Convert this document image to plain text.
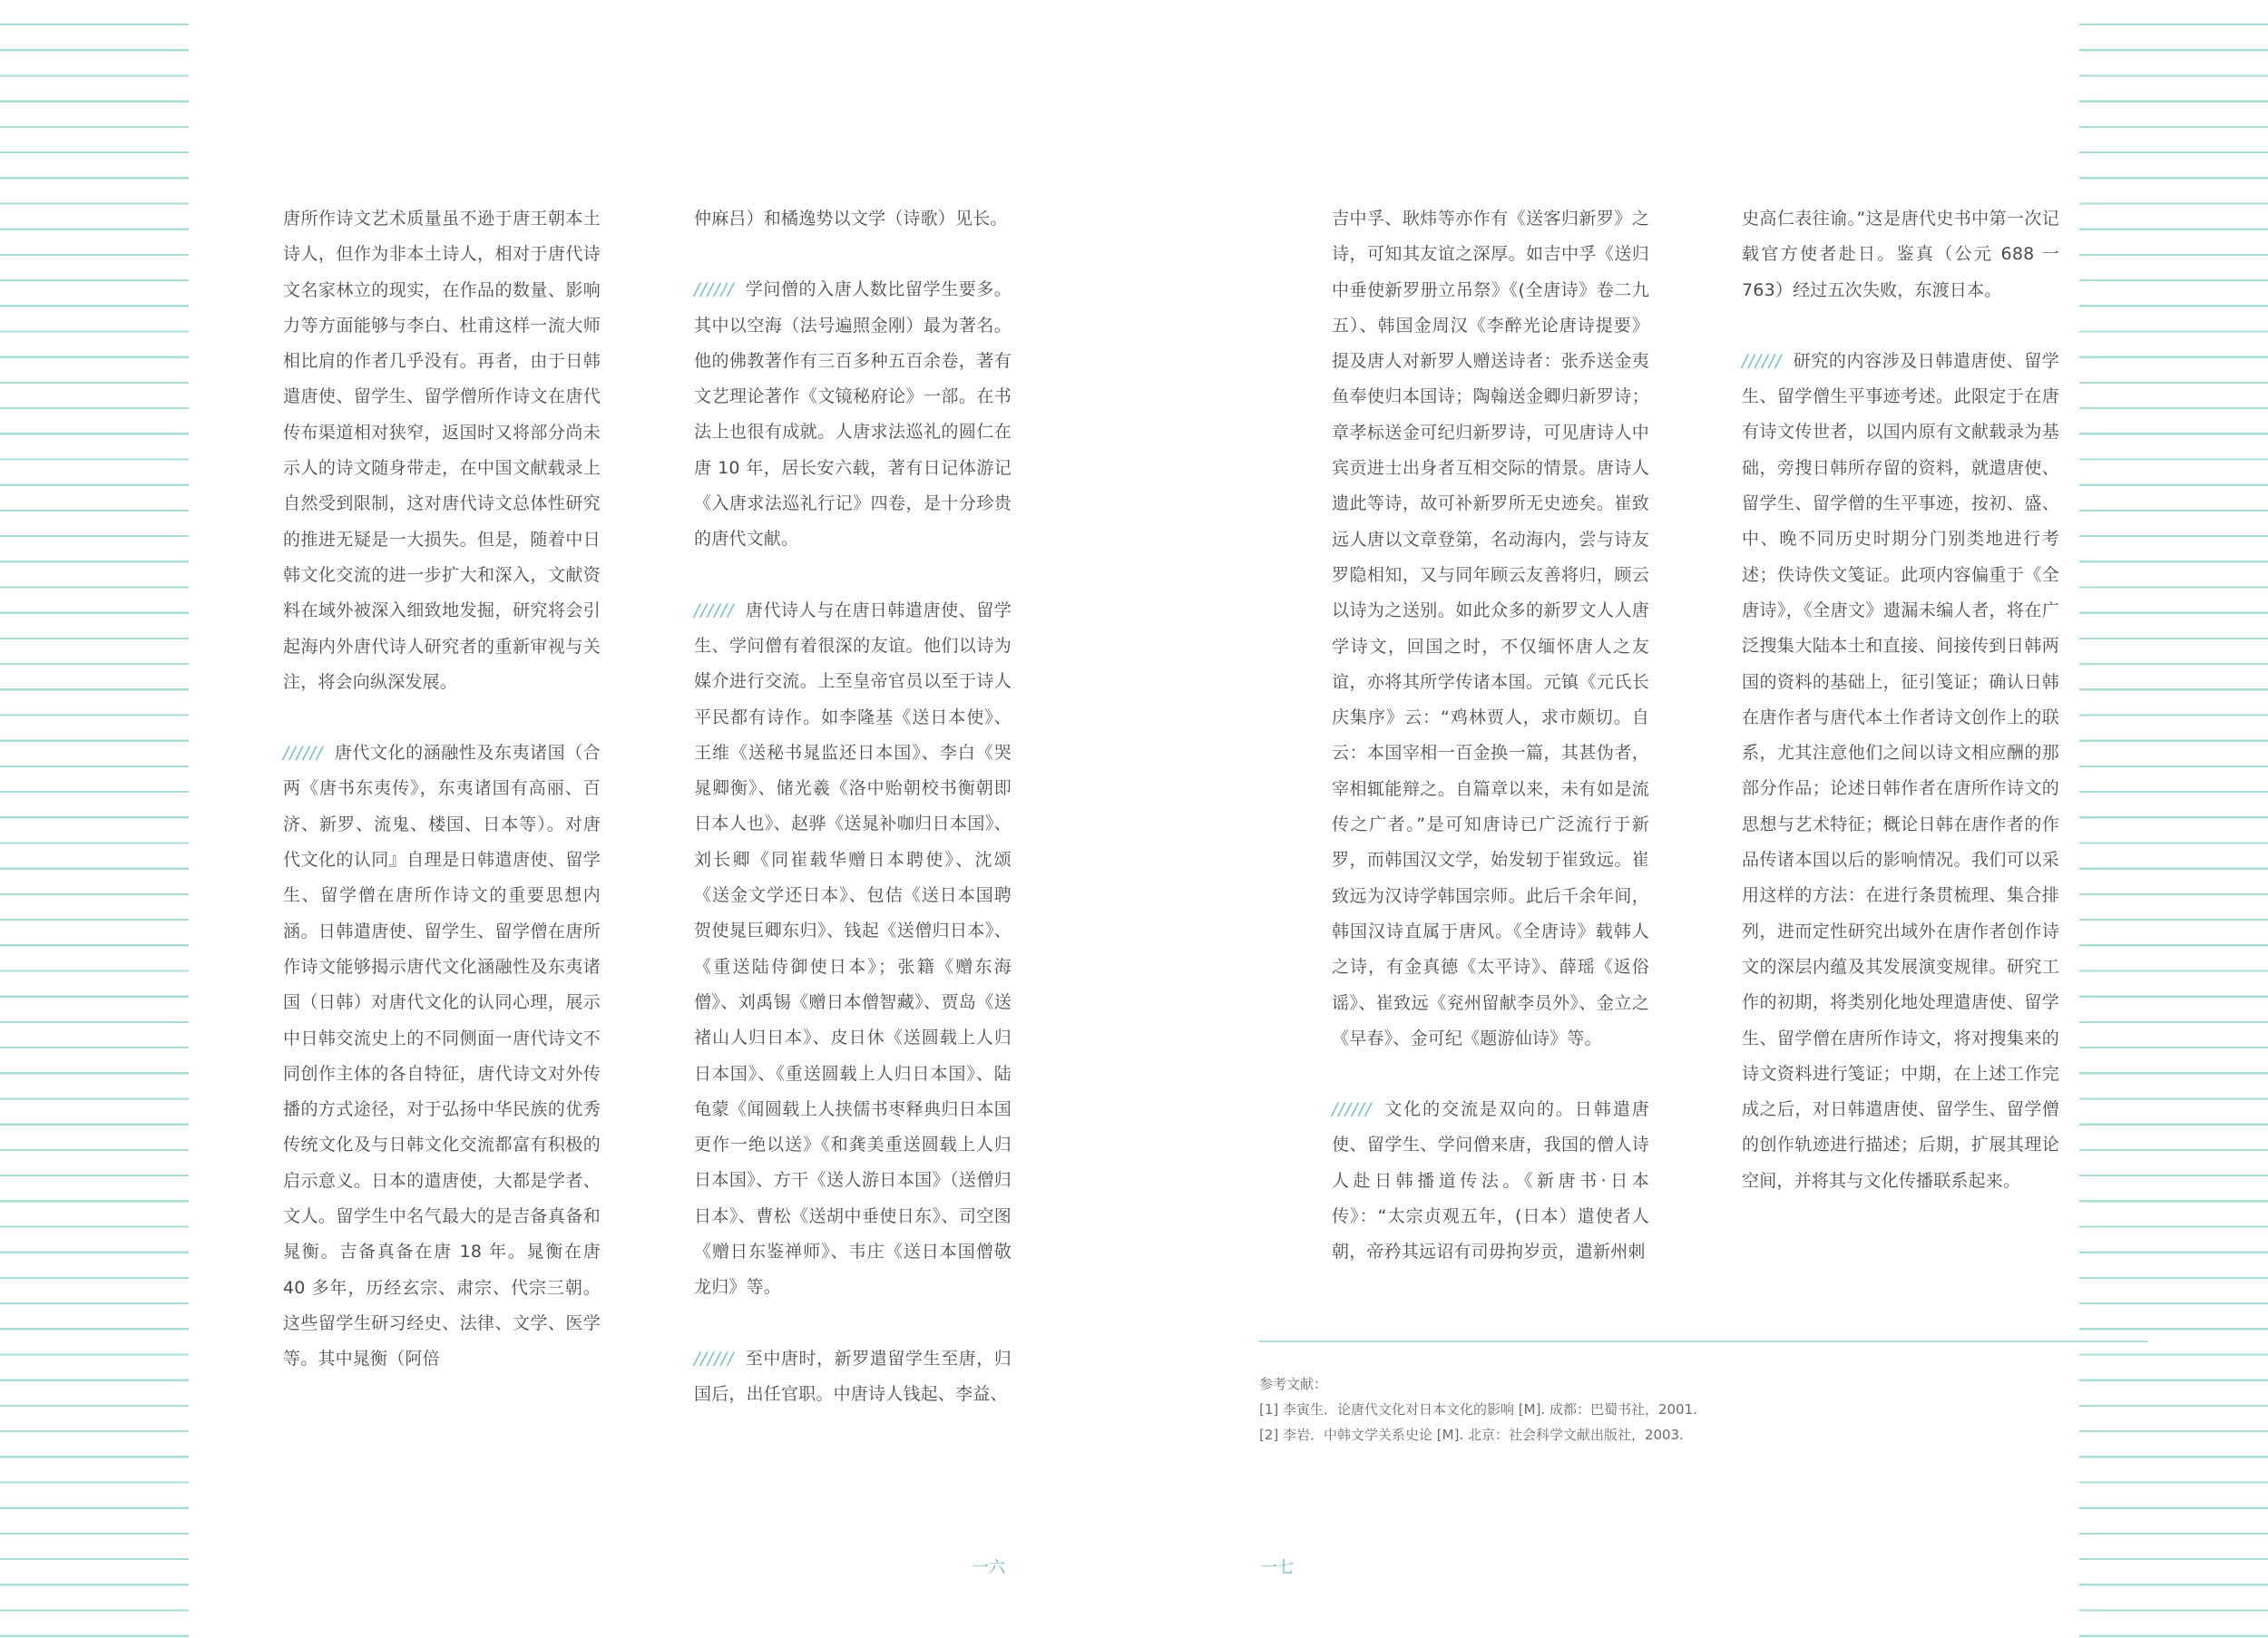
唐所作诗文艺术质量虽不逊于唐王朝本土诗人，但作为非本土诗人，相对于唐代诗文名家林立的现实，在作品的数量、影响力等方面能够与李白、杜甫这样一流大师相比肩的作者几乎没有。再者，由于日韩遣唐使、留学生、留学僧所作诗文在唐代传布渠道相对狭窄，返国时又将部分尚未示人的诗文随身带走，在中国文献载录上自然受到限制，这对唐代诗文总体性研究的推进无疑是一大损失。但是，随着中日韩文化交流的进一步扩大和深入，文献资料在域外被深入细致地发掘，研究将会引起海内外唐代诗人研究者的重新审视与关注，将会向纵深发展。

////// 唐代文化的涵融性及东夷诸国（合两《唐书东夷传》，东夷诸国有高丽、百济、新罗、流鬼、楼国、日本等）。对唐代文化的认同』自理是日韩遣唐使、留学生、留学僧在唐所作诗文的重要思想内涵。日韩遣唐使、留学生、留学僧在唐所作诗文能够揭示唐代文化涵融性及东夷诸国（日韩）对唐代文化的认同心理，展示中日韩交流史上的不同侧面一唐代诗文不同创作主体的各自特征，唐代诗文对外传播的方式途径，对于弘扬中华民族的优秀传统文化及与日韩文化交流都富有积极的启示意义。日本的遣唐使，大都是学者、文人。留学生中名气最大的是吉备真备和晁衡。吉备真备在唐 18 年。晁衡在唐 40 多年，历经玄宗、肃宗、代宗三朝。这些留学生研习经史、法律、文学、医学等。其中晁衡（阿倍

仲麻吕）和橘逸势以文学（诗歌）见长。

////// 学问僧的入唐人数比留学生要多。其中以空海（法号遍照金刚）最为著名。他的佛教著作有三百多种五百余卷，著有文艺理论著作《文镜秘府论》一部。在书法上也很有成就。人唐求法巡礼的圆仁在唐 10 年，居长安六载，著有日记体游记《入唐求法巡礼行记》四卷，是十分珍贵的唐代文献。

////// 唐代诗人与在唐日韩遣唐使、留学生、学问僧有着很深的友谊。他们以诗为媒介进行交流。上至皇帝官员以至于诗人平民都有诗作。如李隆基《送日本使》、王维《送秘书晁监还日本国》、李白《哭晁卿衡》、储光羲《洛中贻朝校书衡朝即日本人也》、赵骅《送晁补咖归日本国》、刘长卿《同崔载华赠日本聘使》、沈颂《送金文学还日本》、包佶《送日本国聘贺使晁巨卿东归》、钱起《送僧归日本》、《重送陆侍御使日本》；张籍《赠东海僧》、刘禹锡《赠日本僧智藏》、贾岛《送褚山人归日本》、皮日休《送圆载上人归日本国》、《重送圆载上人归日本国》、陆龟蒙《闻圆载上人挟儒书枣释典归日本国更作一绝以送》《和龚美重送圆载上人归日本国》、方干《送人游日本国》（送僧归日本》、曹松《送胡中垂使日东》、司空图《赠日东鉴禅师》、韦庄《送日本国僧敬龙归》等。

////// 至中唐时，新罗遣留学生至唐，归国后，出任官职。中唐诗人钱起、李益、

吉中孚、耿炜等亦作有《送客归新罗》之诗，可知其友谊之深厚。如吉中孚《送归中垂使新罗册立吊祭》《(全唐诗》卷二九五）、韩国金周汉《李醉光论唐诗提要》提及唐人对新罗人赠送诗者：张乔送金夷鱼奉使归本国诗；陶翰送金卿归新罗诗；章孝标送金可纪归新罗诗，可见唐诗人中宾贡进士出身者互相交际的情景。唐诗人遗此等诗，故可补新罗所无史迹矣。崔致远人唐以文章登第，名动海内，尝与诗友罗隐相知，又与同年顾云友善将归，顾云以诗为之送别。如此众多的新罗文人人唐学诗文，回国之时，不仅缅怀唐人之友谊，亦将其所学传诸本国。元镇《元氏长庆集序》云：“鸡林贾人，求市颇切。自云：本国宰相一百金换一篇，其甚伪者，宰相辄能辩之。自篇章以来，未有如是流传之广者。”是可知唐诗已广泛流行于新罗，而韩国汉文学，始发轫于崔致远。崔致远为汉诗学韩国宗师。此后千余年间，韩国汉诗直属于唐风。《全唐诗》载韩人之诗，有金真德《太平诗》、薛瑶《返俗谣》、崔致远《兖州留献李员外》、金立之《早春》、金可纪《题游仙诗》等。

////// 文化的交流是双向的。日韩遣唐使、留学生、学问僧来唐，我国的僧人诗人赴日韩播道传法。《新唐书·日本传》：“太宗贞观五年，(日本）遣使者人朝，帝矜其远诏有司毋拘岁贡，遣新州刺

史高仁表往谕。”这是唐代史书中第一次记载官方使者赴日。鉴真（公元 688 一 763）经过五次失败，东渡日本。

////// 研究的内容涉及日韩遣唐使、留学生、留学僧生平事迹考述。此限定于在唐有诗文传世者，以国内原有文献载录为基础，旁搜日韩所存留的资料，就遣唐使、留学生、留学僧的生平事迹，按初、盛、中、晚不同历史时期分门别类地进行考述；佚诗佚文笺证。此项内容偏重于《全唐诗》，《全唐文》遗漏未编人者，将在广泛搜集大陆本土和直接、间接传到日韩两国的资料的基础上，征引笺证；确认日韩在唐作者与唐代本土作者诗文创作上的联系，尤其注意他们之间以诗文相应酬的那部分作品；论述日韩作者在唐所作诗文的思想与艺术特征；概论日韩在唐作者的作品传诸本国以后的影响情况。我们可以采用这样的方法：在进行条贯梳理、集合排列，进而定性研究出域外在唐作者创作诗文的深层内蕴及其发展演变规律。研究工作的初期，将类别化地处理遣唐使、留学生、留学僧在唐所作诗文，将对搜集来的诗文资料进行笺证；中期，在上述工作完成之后，对日韩遣唐使、留学生、留学僧的创作轨迹进行描述；后期，扩展其理论空间，并将其与文化传播联系起来。

参考文献：
[1] 李寅生．论唐代文化对日本文化的影响 [M]. 成都：巴蜀书社，2001.
[2] 李岩．中韩文学关系史论 [M]. 北京：社会科学文献出版社，2003.
一六	一七
